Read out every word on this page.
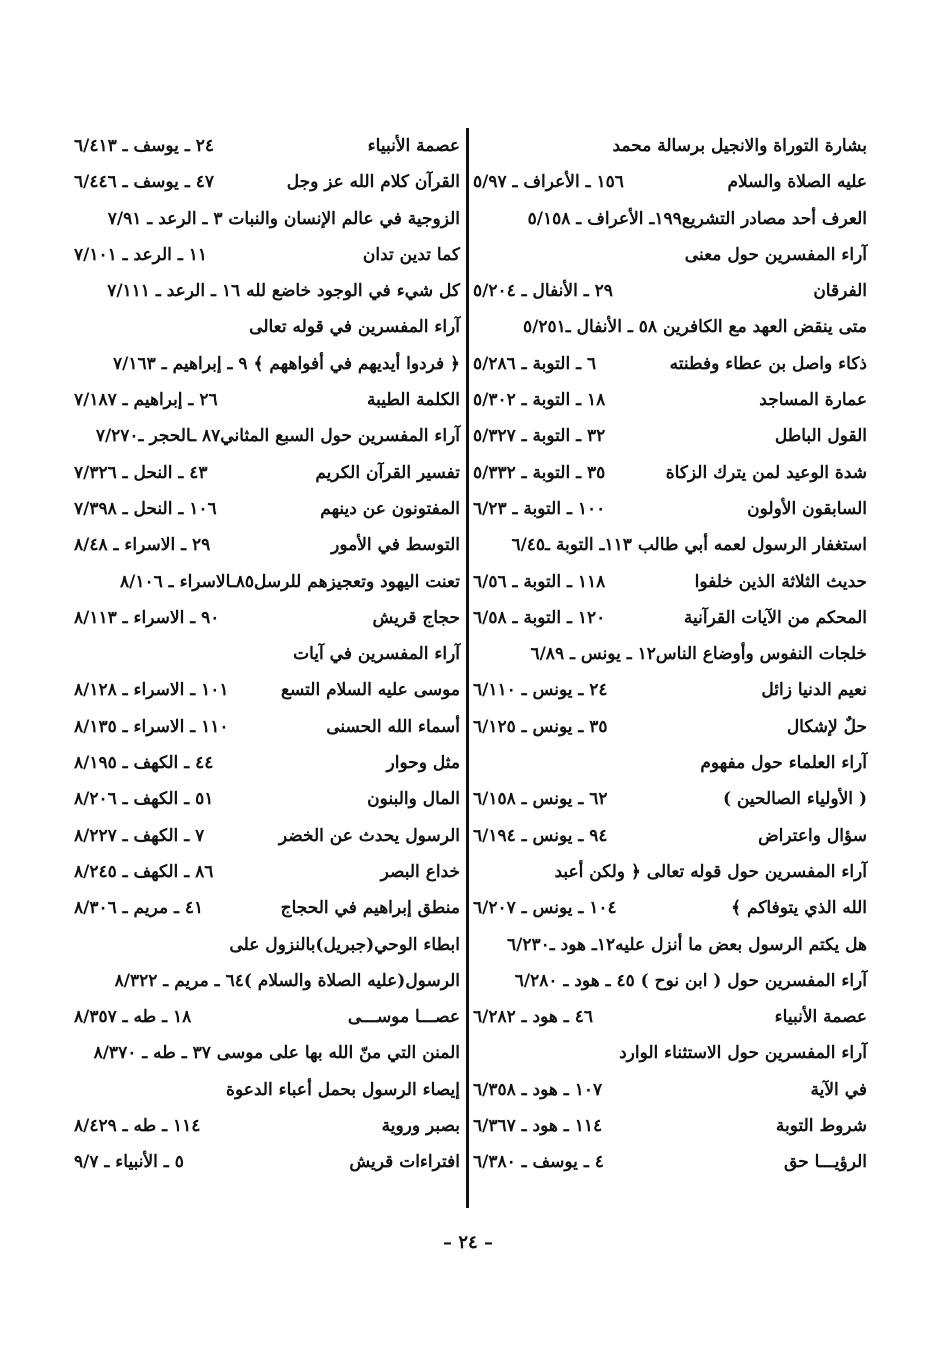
بشارة التوراة والانجيل برسالة محمد
عليه الصلاة والسلام
١٥٦ ـ الأعراف ـ ٥/٩٧
العرف أحد مصادر التشريع١٩٩ـ الأعراف ـ ٥/١٥٨
آراء المفسرين حول معنى
الفرقان
٢٩ ـ الأنفال ـ ٥/٢٠٤
متى ينقض العهد مع الكافرين ٥٨ ـ الأنفال ـ٥/٢٥١
ذكاء واصل بن عطاء وفطنته
٦ ـ التوبة ـ ٥/٢٨٦
عمارة المساجد
١٨ ـ التوبة ـ ٥/٣٠٢
القول الباطل
٣٢ ـ التوبة ـ ٥/٣٢٧
شدة الوعيد لمن يترك الزكاة
٣٥ ـ التوبة ـ ٥/٣٣٢
السابقون الأولون
١٠٠ ـ التوبة ـ ٦/٢٣
استغفار الرسول لعمه أبي طالب ١١٣ـ التوبة ـ٦/٤٥
حديث الثلاثة الذين خلفوا
١١٨ ـ التوبة ـ ٦/٥٦
المحكم من الآيات القرآنية
١٢٠ ـ التوبة ـ ٦/٥٨
خلجات النفوس وأوضاع الناس١٢ ـ يونس ـ ٦/٨٩
نعيم الدنيا زائل
٢٤ ـ يونس ـ ٦/١١٠
حلٌ لإشكال
٣٥ ـ يونس ـ ٦/١٢٥
آراء العلماء حول مفهوم
( الأولياء الصالحين )
٦٢ ـ يونس ـ ٦/١٥٨
سؤال واعتراض
٩٤ ـ يونس ـ ٦/١٩٤
آراء المفسرين حول قوله تعالى ﴿ ولكن أعبد
الله الذي يتوفاكم ﴾
١٠٤ ـ يونس ـ ٦/٢٠٧
هل يكتم الرسول بعض ما أنزل عليه١٢ـ هود ـ٦/٢٣٠
آراء المفسرين حول ( ابن نوح ) ٤٥ ـ هود ـ ٦/٢٨٠
عصمة الأنبياء
٤٦ ـ هود ـ ٦/٢٨٢
آراء المفسرين حول الاستثناء الوارد
في الآية
١٠٧ ـ هود ـ ٦/٣٥٨
شروط التوبة
١١٤ ـ هود ـ ٦/٣٦٧
الرؤيـــا حق
٤ ـ يوسف ـ ٦/٣٨٠
عصمة الأنبياء
٢٤ ـ يوسف ـ ٦/٤١٣
القرآن كلام الله عز وجل
٤٧ ـ يوسف ـ ٦/٤٤٦
الزوجية في عالم الإنسان والنبات ٣ ـ الرعد ـ ٧/٩١
كما تدين تدان
١١ ـ الرعد ـ ٧/١٠١
كل شيء في الوجود خاضع لله ١٦ ـ الرعد ـ ٧/١١١
آراء المفسرين في قوله تعالى
﴿ فردوا أيديهم في أفواههم ﴾ ٩ ـ إبراهيم ـ ٧/١٦٣
الكلمة الطيبة
٢٦ ـ إبراهيم ـ ٧/١٨٧
آراء المفسرين حول السبع المثاني٨٧ ـالحجر ـ٧/٢٧٠
تفسير القرآن الكريم
٤٣ ـ النحل ـ ٧/٣٢٦
المفتونون عن دينهم
١٠٦ ـ النحل ـ ٧/٣٩٨
التوسط في الأمور
٢٩ ـ الاسراء ـ ٨/٤٨
تعنت اليهود وتعجيزهم للرسل٨٥ـالاسراء ـ ٨/١٠٦
حجاج قريش
٩٠ ـ الاسراء ـ ٨/١١٣
آراء المفسرين في آيات
موسى عليه السلام التسع
١٠١ ـ الاسراء ـ ٨/١٢٨
أسماء الله الحسنى
١١٠ ـ الاسراء ـ ٨/١٣٥
مثل وحوار
٤٤ ـ الكهف ـ ٨/١٩٥
المال والبنون
٥١ ـ الكهف ـ ٨/٢٠٦
الرسول يحدث عن الخضر
٧ ـ الكهف ـ ٨/٢٢٧
خداع البصر
٨٦ ـ الكهف ـ ٨/٢٤٥
منطق إبراهيم في الحجاج
٤١ ـ مريم ـ ٨/٣٠٦
ابطاء الوحي(جبريل)بالنزول على
الرسول(عليه الصلاة والسلام )٦٤ ـ مريم ـ ٨/٣٢٢
عصـــا موســـى
١٨ ـ طه ـ ٨/٣٥٧
المنن التي منّ الله بها على موسى ٣٧ ـ طه ـ ٨/٣٧٠
إيصاء الرسول بحمل أعباء الدعوة
بصبر وروية
١١٤ ـ طه ـ ٨/٤٢٩
افتراءات قريش
٥ ـ الأنبياء ـ ٩/٧
– ٢٤ –
